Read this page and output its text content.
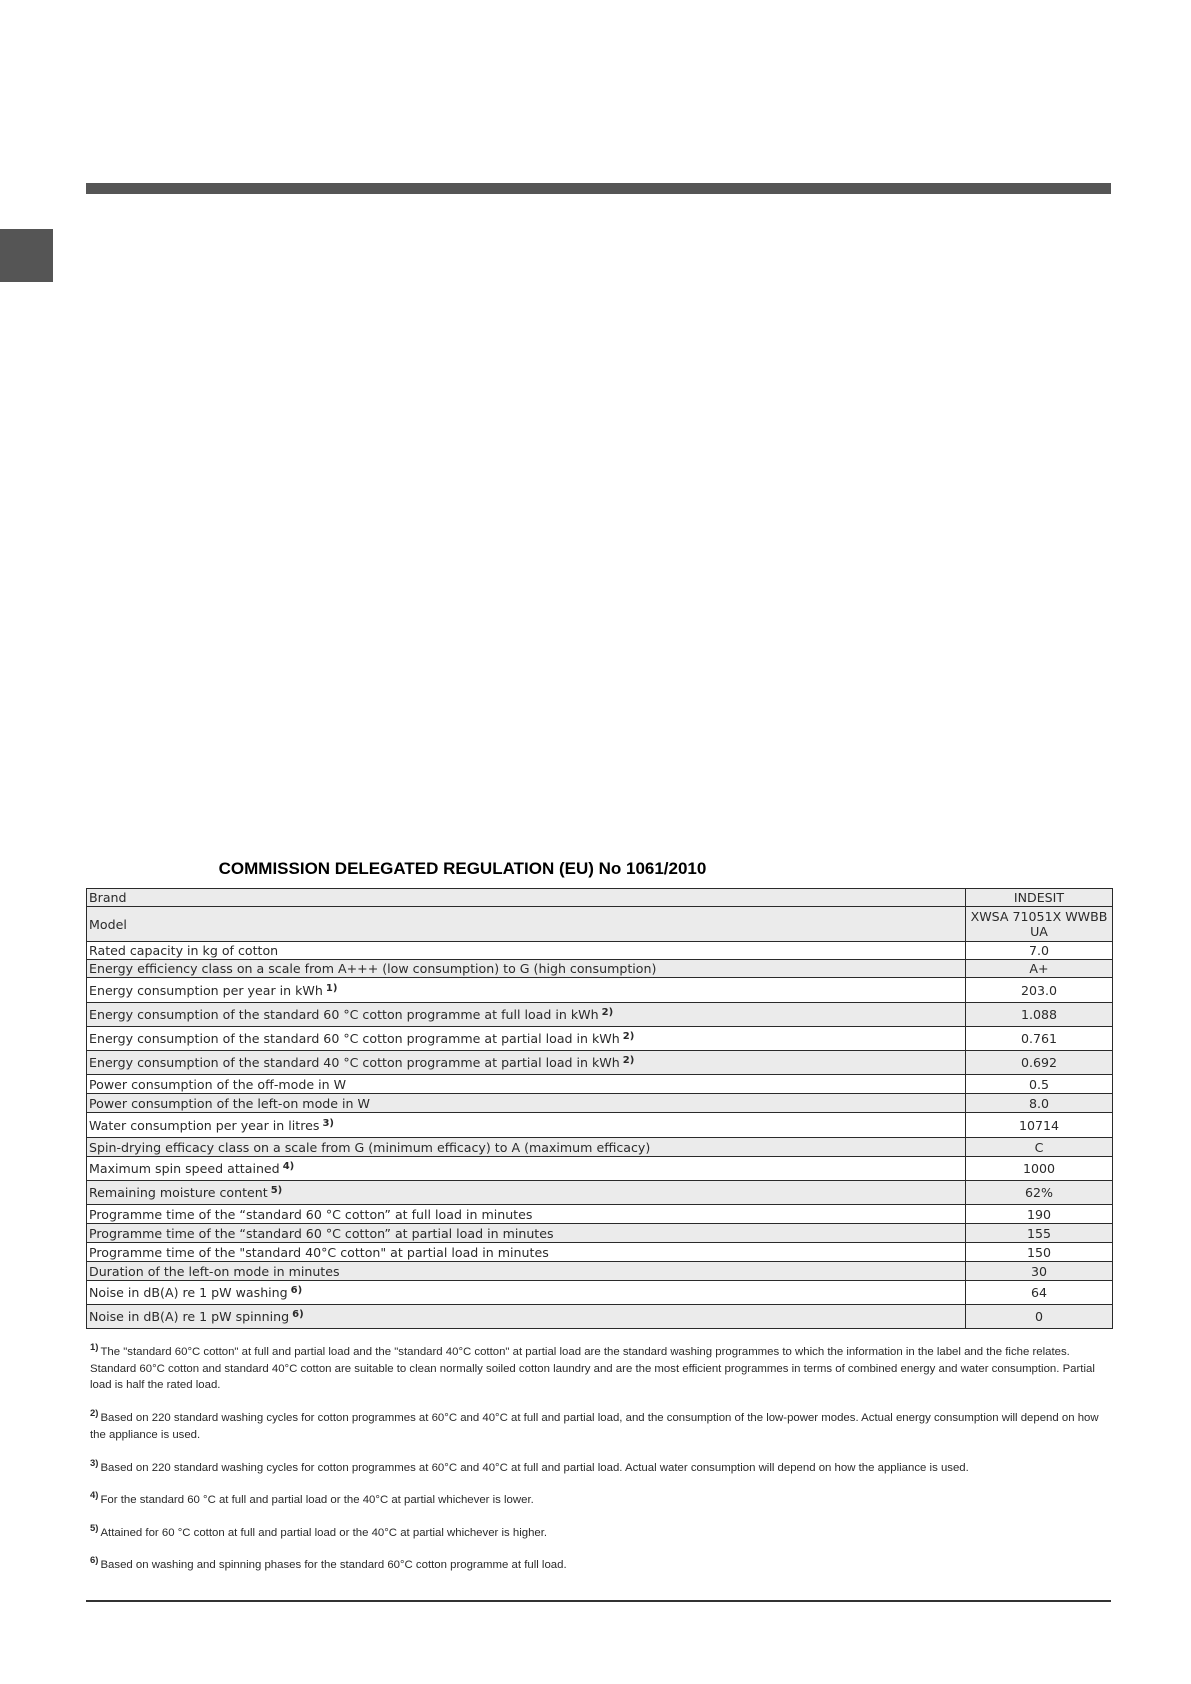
COMMISSION DELEGATED REGULATION (EU) No 1061/2010
Brand	INDESIT
Model	XWSA 71051X WWBB UA
Rated capacity in kg of cotton	7.0
Energy efficiency class on a scale from A+++ (low consumption) to G (high consumption)	A+
Energy consumption per year in kWh $^{1)}$	203.0
Energy consumption of the standard 60 °C cotton programme at full load in kWh $^{2)}$	1.088
Energy consumption of the standard 60 °C cotton programme at partial load in kWh $^{2)}$	0.761
Energy consumption of the standard 40 °C cotton programme at partial load in kWh $^{2)}$	0.692
Power consumption of the off-mode in W	0.5
Power consumption of the left-on mode in W	8.0
Water consumption per year in litres $^{3)}$	10714
Spin-drying efficacy class on a scale from G (minimum efficacy) to A (maximum efficacy)	C
Maximum spin speed attained $^{4)}$	1000
Remaining moisture content $^{5)}$	62%
Programme time of the “standard 60 °C cotton” at full load in minutes	190
Programme time of the “standard 60 °C cotton” at partial load in minutes	155
Programme time of the "standard 40°C cotton" at partial load in minutes	150
Duration of the left-on mode in minutes	30
Noise in dB(A) re 1 pW washing $^{6)}$	64
Noise in dB(A) re 1 pW spinning $^{6)}$	0

$^{1)}$ The "standard 60°C cotton" at full and partial load and the "standard 40°C cotton" at partial load are the standard washing programmes to which the information in the label and the fiche relates. Standard 60°C cotton and standard 40°C cotton are suitable to clean normally soiled cotton laundry and are the most efficient programmes in terms of combined energy and water consumption. Partial load is half the rated load.

$^{2)}$ Based on 220 standard washing cycles for cotton programmes at 60°C and 40°C at full and partial load, and the consumption of the low-power modes. Actual energy consumption will depend on how the appliance is used.

$^{3)}$ Based on 220 standard washing cycles for cotton programmes at 60°C and 40°C at full and partial load. Actual water consumption will depend on how the appliance is used.

$^{4)}$ For the standard 60 °C at full and partial load or the 40°C at partial whichever is lower.

$^{5)}$ Attained for 60 °C cotton at full and partial load or the 40°C at partial whichever is higher.

$^{6)}$ Based on washing and spinning phases for the standard 60°C cotton programme at full load.
